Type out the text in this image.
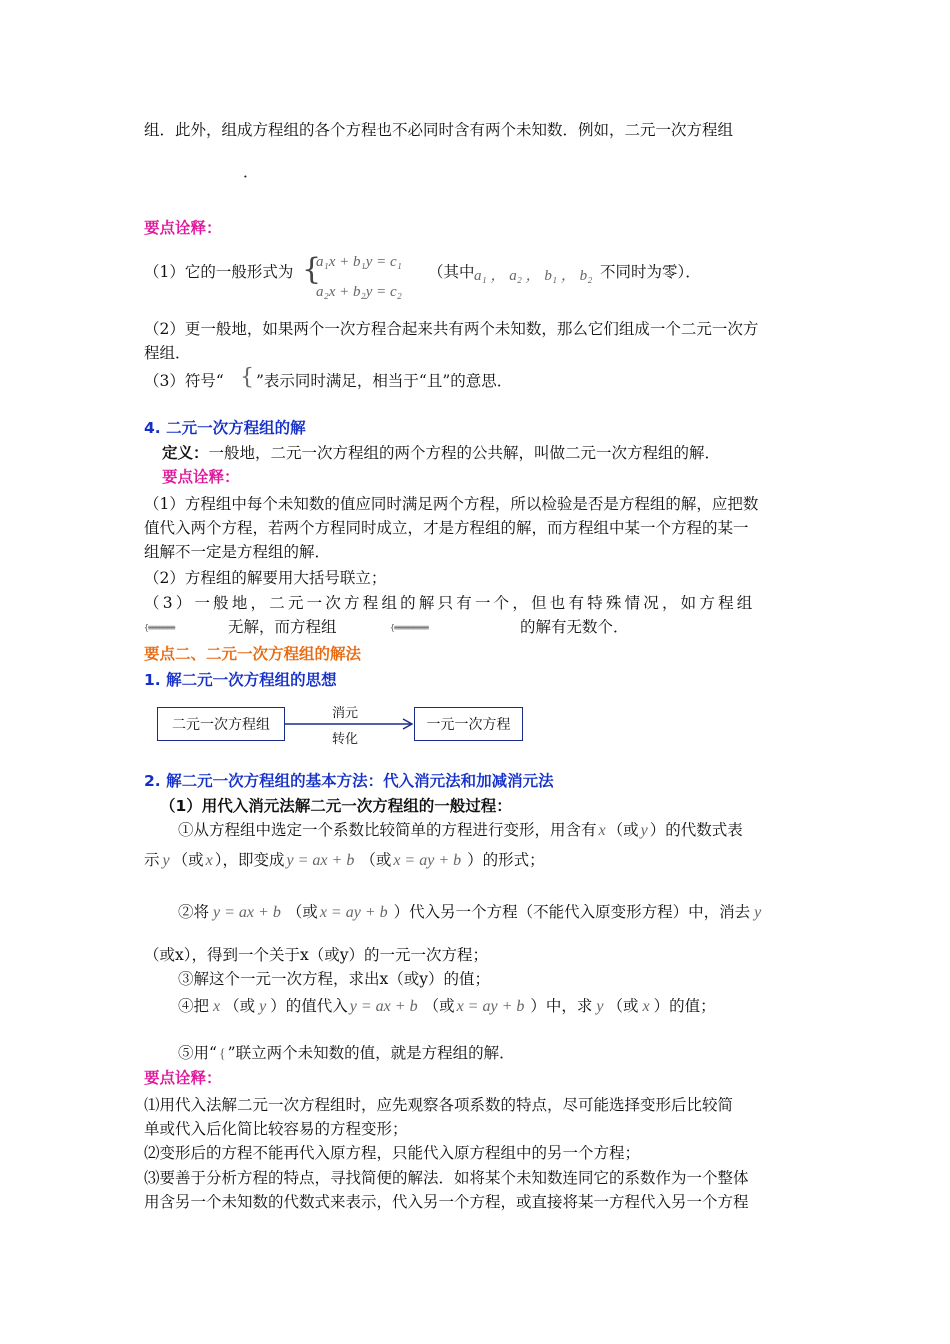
组．此外，组成方程组的各个方程也不必同时含有两个未知数．例如，二元一次方程组
．
要点诠释：
（1）它的一般形式为 {
a₁x + b₁y = c₁
a₂x + b₂y = c₂
（其中 a₁ ， a₂ ， b₁ ， b₂ 不同时为零）．
（2）更一般地，如果两个一次方程合起来共有两个未知数，那么它们组成一个二元一次方
程组．
（3）符号“ { ”表示同时满足，相当于“且”的意思．
4. 二元一次方程组的解
定义：一般地，二元一次方程组的两个方程的公共解，叫做二元一次方程组的解．
要点诠释：
（1）方程组中每个未知数的值应同时满足两个方程，所以检验是否是方程组的解，应把数
值代入两个方程，若两个方程同时成立，才是方程组的解，而方程组中某一个方程的某一
组解不一定是方程组的解．
（2）方程组的解要用大括号联立；
（3）一般地，二元一次方程组的解只有一个，但也有特殊情况，如方程组
{≡≡≡≡≡≡≡	无解，而方程组	{≡≡≡≡≡≡≡≡≡	的解有无数个．
要点二、二元一次方程组的解法
1. 解二元一次方程组的思想
二元一次方程组
消元
转化
一元一次方程
2. 解二元一次方程组的基本方法：代入消元法和加减消元法
（1）用代入消元法解二元一次方程组的一般过程：
①从方程组中选定一个系数比较简单的方程进行变形，用含有 x （或 y ）的代数式表
示 y （或 x ），即变成 y = ax + b （或 x = ay + b ）的形式；
②将 y = ax + b （或 x = ay + b ）代入另一个方程（不能代入原变形方程）中，消去 y
（或x），得到一个关于x（或y）的一元一次方程；
③解这个一元一次方程，求出x（或y）的值；
④把 x （或 y ）的值代入 y = ax + b （或 x = ay + b ）中，求 y （或 x ）的值；
⑤用“ { ”联立两个未知数的值，就是方程组的解．
要点诠释：
⑴用代入法解二元一次方程组时，应先观察各项系数的特点，尽可能选择变形后比较简
单或代入后化简比较容易的方程变形；
⑵变形后的方程不能再代入原方程，只能代入原方程组中的另一个方程；
⑶要善于分析方程的特点，寻找简便的解法．如将某个未知数连同它的系数作为一个整体
用含另一个未知数的代数式来表示，代入另一个方程，或直接将某一方程代入另一个方程
